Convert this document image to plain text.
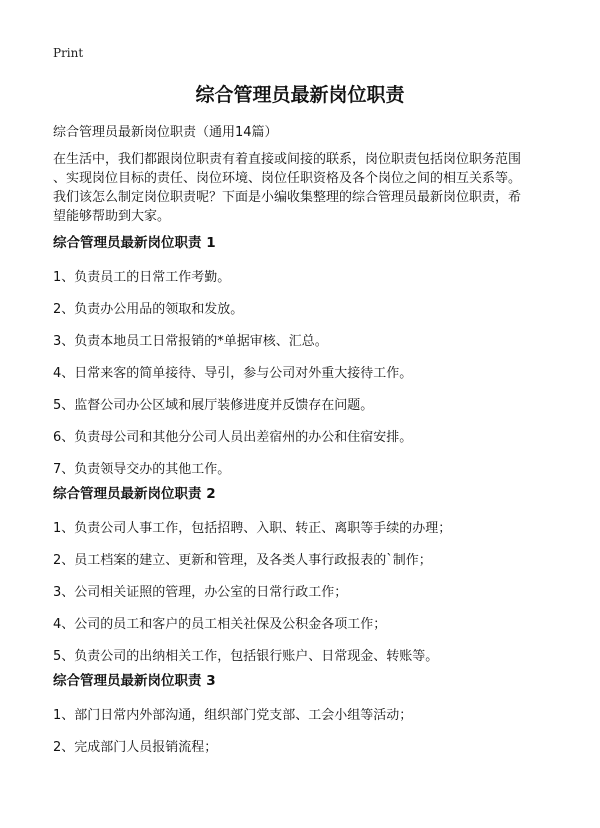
Print
综合管理员最新岗位职责
综合管理员最新岗位职责（通用14篇）
在生活中，我们都跟岗位职责有着直接或间接的联系，岗位职责包括岗位职务范围
、实现岗位目标的责任、岗位环境、岗位任职资格及各个岗位之间的相互关系等。
我们该怎么制定岗位职责呢？下面是小编收集整理的综合管理员最新岗位职责，希
望能够帮助到大家。
综合管理员最新岗位职责 1
1、负责员工的日常工作考勤。
2、负责办公用品的领取和发放。
3、负责本地员工日常报销的*单据审核、汇总。
4、日常来客的简单接待、导引，参与公司对外重大接待工作。
5、监督公司办公区域和展厅装修进度并反馈存在问题。
6、负责母公司和其他分公司人员出差宿州的办公和住宿安排。
7、负责领导交办的其他工作。
综合管理员最新岗位职责 2
1、负责公司人事工作，包括招聘、入职、转正、离职等手续的办理；
2、员工档案的建立、更新和管理，及各类人事行政报表的`制作；
3、公司相关证照的管理，办公室的日常行政工作；
4、公司的员工和客户的员工相关社保及公积金各项工作；
5、负责公司的出纳相关工作，包括银行账户、日常现金、转账等。
综合管理员最新岗位职责 3
1、部门日常内外部沟通，组织部门党支部、工会小组等活动；
2、完成部门人员报销流程；
